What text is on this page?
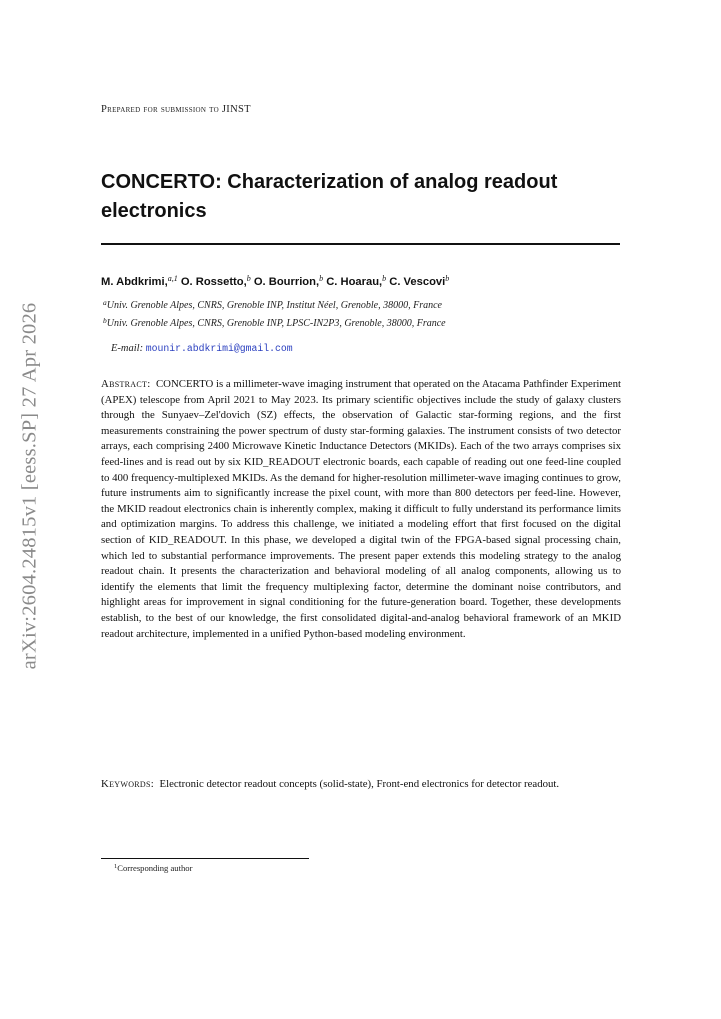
arXiv:2604.24815v1 [eess.SP] 27 Apr 2026
Prepared for submission to JINST
CONCERTO: Characterization of analog readout electronics
M. Abdkrimi,$^{a,1}$ O. Rossetto,$^b$ O. Bourrion,$^b$ C. Hoarau,$^b$ C. Vescovi$^b$
$^a$Univ. Grenoble Alpes, CNRS, Grenoble INP, Institut Néel, Grenoble, 38000, France
$^b$Univ. Grenoble Alpes, CNRS, Grenoble INP, LPSC-IN2P3, Grenoble, 38000, France
E-mail: mounir.abdkrimi@gmail.com
Abstract: CONCERTO is a millimeter-wave imaging instrument that operated on the Atacama Pathfinder Experiment (APEX) telescope from April 2021 to May 2023. Its primary scientific objectives include the study of galaxy clusters through the Sunyaev–Zel'dovich (SZ) effects, the observation of Galactic star-forming regions, and the first measurements constraining the power spectrum of dusty star-forming galaxies. The instrument consists of two detector arrays, each comprising 2400 Microwave Kinetic Inductance Detectors (MKIDs). Each of the two arrays comprises six feed-lines and is read out by six KID_READOUT electronic boards, each capable of reading out one feed-line coupled to 400 frequency-multiplexed MKIDs. As the demand for higher-resolution millimeter-wave imaging continues to grow, future instruments aim to significantly increase the pixel count, with more than 800 detectors per feed-line. However, the MKID readout electronics chain is inherently complex, making it difficult to fully understand its performance limits and optimization margins. To address this challenge, we initiated a modeling effort that first focused on the digital section of KID_READOUT. In this phase, we developed a digital twin of the FPGA-based signal processing chain, which led to substantial performance improvements. The present paper extends this modeling strategy to the analog readout chain. It presents the characterization and behavioral modeling of all analog components, allowing us to identify the elements that limit the frequency multiplexing factor, determine the dominant noise contributors, and highlight areas for improvement in signal conditioning for the future-generation board. Together, these developments establish, to the best of our knowledge, the first consolidated digital-and-analog behavioral framework of an MKID readout architecture, implemented in a unified Python-based modeling environment.
Keywords: Electronic detector readout concepts (solid-state), Front-end electronics for detector readout.
$^1$Corresponding author
